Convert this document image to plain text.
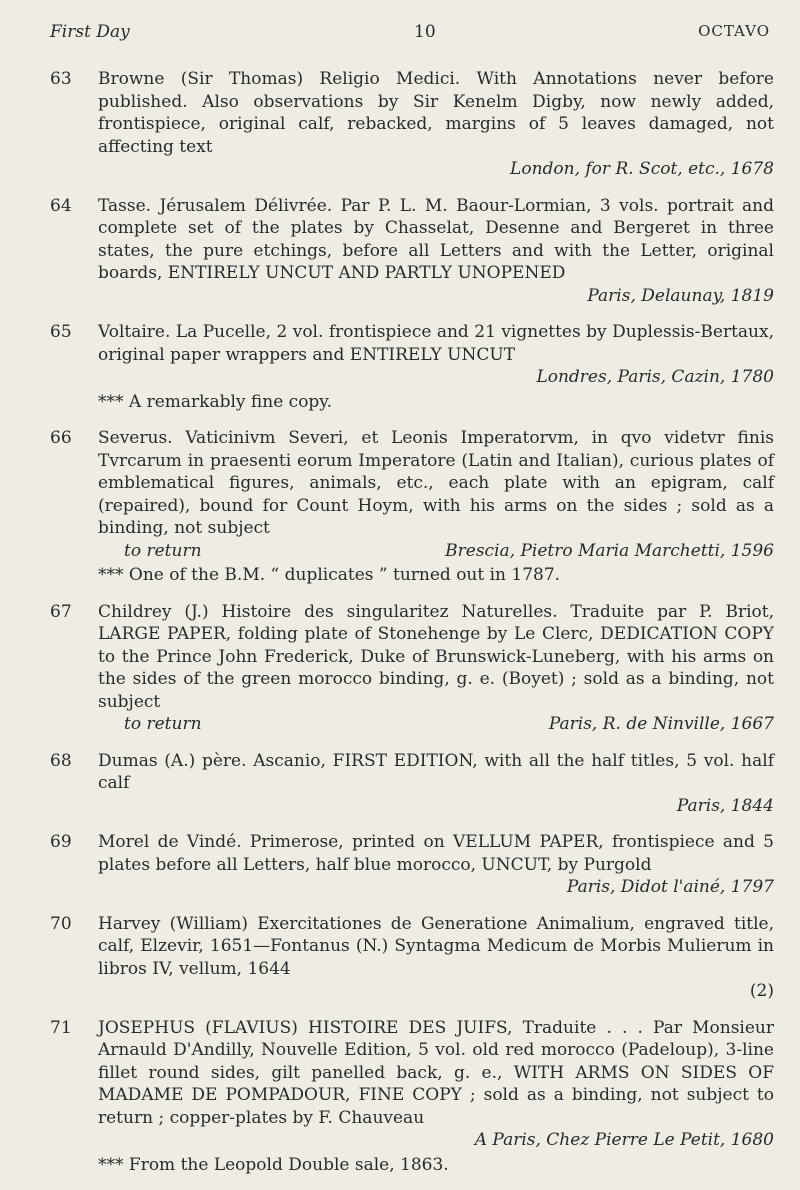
First Day	10	OCTAVO
63 Browne (Sir Thomas) Religio Medici. With Annotations never before published. Also observations by Sir Kenelm Digby, now newly added, frontispiece, original calf, rebacked, margins of 5 leaves damaged, not affecting text
London, for R. Scot, etc., 1678
64 Tasse. Jérusalem Délivrée. Par P. L. M. Baour-Lormian, 3 vols. portrait and complete set of the plates by Chasselat, Desenne and Bergeret in three states, the pure etchings, before all Letters and with the Letter, original boards, ENTIRELY UNCUT AND PARTLY UNOPENED
Paris, Delaunay, 1819
65 Voltaire. La Pucelle, 2 vol. frontispiece and 21 vignettes by Duplessis-Bertaux, original paper wrappers and ENTIRELY UNCUT
Londres, Paris, Cazin, 1780
*** A remarkably fine copy.
66 Severus. Vaticinivm Severi, et Leonis Imperatorvm, in qvo videtvr finis Tvrcarum in praesenti eorum Imperatore (Latin and Italian), curious plates of emblematical figures, animals, etc., each plate with an epigram, calf (repaired), bound for Count Hoym, with his arms on the sides ; sold as a binding, not subject
to return	Brescia, Pietro Maria Marchetti, 1596
*** One of the B.M. “ duplicates ” turned out in 1787.
67 Childrey (J.) Histoire des singularitez Naturelles. Traduite par P. Briot, LARGE PAPER, folding plate of Stonehenge by Le Clerc, DEDICATION COPY to the Prince John Frederick, Duke of Brunswick-Luneberg, with his arms on the sides of the green morocco binding, g. e. (Boyet) ; sold as a binding, not subject
to return	Paris, R. de Ninville, 1667
68 Dumas (A.) père. Ascanio, FIRST EDITION, with all the half titles, 5 vol. half calf
Paris, 1844
69 Morel de Vindé. Primerose, printed on VELLUM PAPER, frontispiece and 5 plates before all Letters, half blue morocco, UNCUT, by Purgold
Paris, Didot l'ainé, 1797
70 Harvey (William) Exercitationes de Generatione Animalium, engraved title, calf, Elzevir, 1651—Fontanus (N.) Syntagma Medicum de Morbis Mulierum in libros IV, vellum, 1644
(2)
71 JOSEPHUS (FLAVIUS) HISTOIRE DES JUIFS, Traduite . . . Par Monsieur Arnauld D'Andilly, Nouvelle Edition, 5 vol. old red morocco (Padeloup), 3-line fillet round sides, gilt panelled back, g. e., WITH ARMS ON SIDES OF MADAME DE POMPADOUR, FINE COPY ; sold as a binding, not subject to return ; copper-plates by F. Chauveau
A Paris, Chez Pierre Le Petit, 1680
*** From the Leopold Double sale, 1863.
